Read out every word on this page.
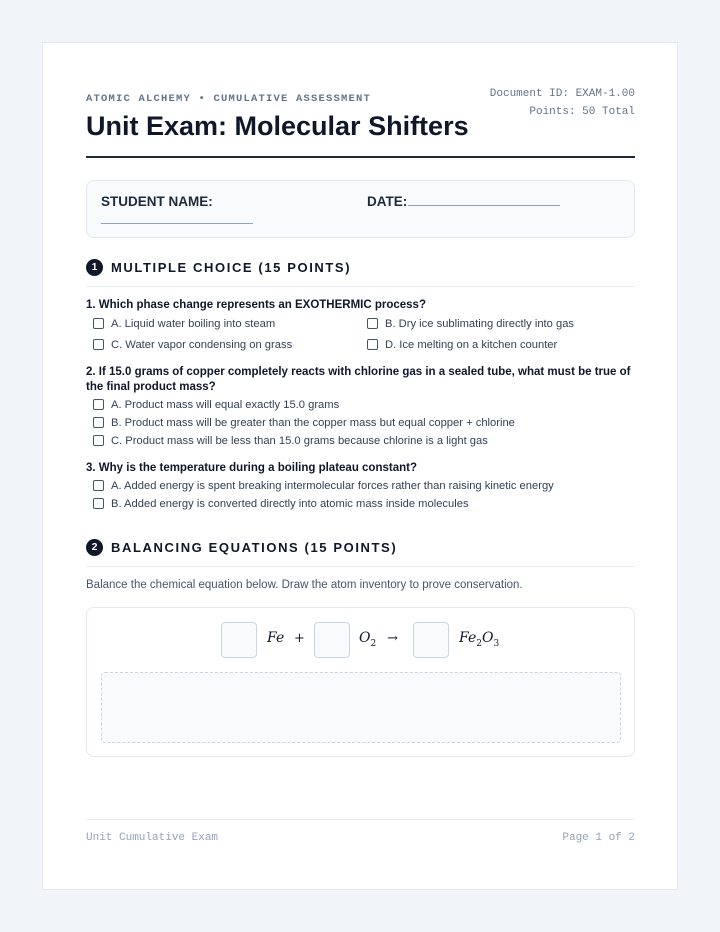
ATOMIC ALCHEMY • CUMULATIVE ASSESSMENT
Unit Exam: Molecular Shifters
Document ID: EXAM-1.00
Points: 50 Total
STUDENT NAME:	DATE:
1	MULTIPLE CHOICE (15 POINTS)
1. Which phase change represents an EXOTHERMIC process?
A. Liquid water boiling into steam	B. Dry ice sublimating directly into gas
C. Water vapor condensing on grass	D. Ice melting on a kitchen counter
2. If 15.0 grams of copper completely reacts with chlorine gas in a sealed tube, what must be true of the final product mass?
A. Product mass will equal exactly 15.0 grams
B. Product mass will be greater than the copper mass but equal copper + chlorine
C. Product mass will be less than 15.0 grams because chlorine is a light gas
3. Why is the temperature during a boiling plateau constant?
A. Added energy is spent breaking intermolecular forces rather than raising kinetic energy
B. Added energy is converted directly into atomic mass inside molecules
2	BALANCING EQUATIONS (15 POINTS)
Balance the chemical equation below. Draw the atom inventory to prove conservation.
Fe +	$O_2$ →	$Fe_2O_3$
Unit Cumulative Exam	Page 1 of 2
